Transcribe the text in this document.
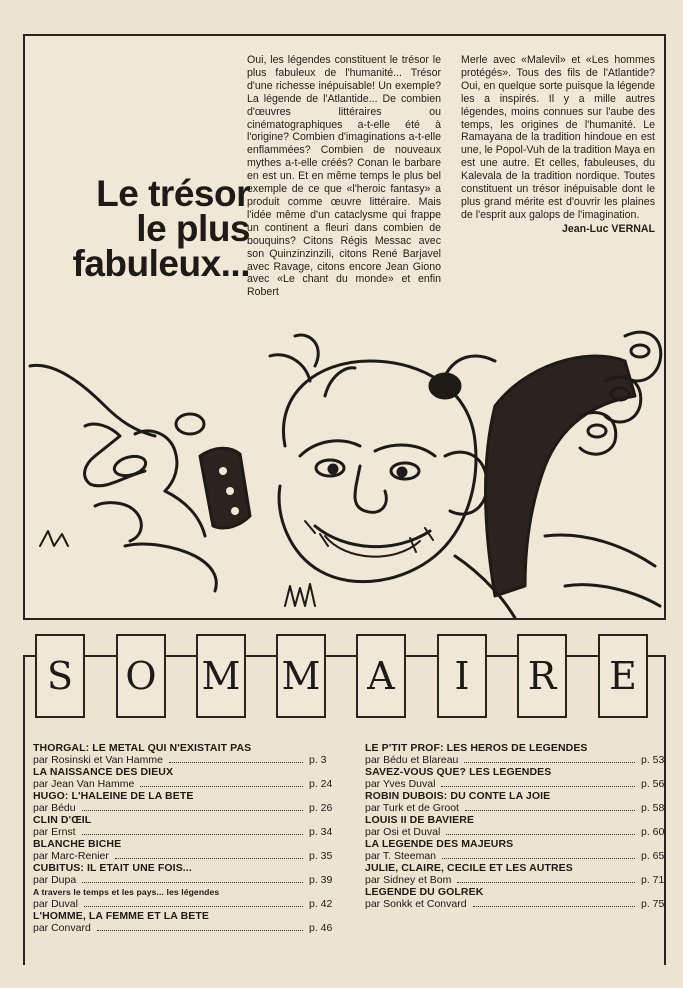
Le trésor
le plus
fabuleux...
Oui, les légendes constituent le trésor le plus fabuleux de l'humanité... Trésor d'une richesse inépuisable! Un exemple? La légende de l'Atlantide... De combien d'œuvres littéraires ou cinématographiques a-t-elle été à l'origine? Combien d'imaginations a-t-elle enflammées? Combien de nouveaux mythes a-t-elle créés? Conan le barbare en est un. Et en même temps le plus bel exemple de ce que «l'heroic fantasy» a produit comme œuvre littéraire. Mais l'idée même d'un cataclysme qui frappe un continent a fleuri dans combien de bouquins? Citons Régis Messac avec son Quinzinzinzili, citons René Barjavel avec Ravage, citons encore Jean Giono avec «Le chant du monde» et enfin Robert
Merle avec «Malevil» et «Les hommes protégés». Tous des fils de l'Atlantide? Oui, en quelque sorte puisque la légende les a inspirés. Il y a mille autres légendes, moins connues sur l'aube des temps, les origines de l'humanité. Le Ramayana de la tradition hindoue en est une, le Popol-Vuh de la tradition Maya en est une autre. Et celles, fabuleuses, du Kalevala de la tradition nordique. Toutes constituent un trésor inépuisable dont le plus grand mérite est d'ouvrir les plaines de l'esprit aux galops de l'imagination.
Jean-Luc VERNAL
S	O M M A	I	R E
THORGAL: LE METAL QUI N'EXISTAIT PAS
par Rosinski et Van Hamme	p. 3
LA NAISSANCE DES DIEUX
par Jean Van Hamme	p. 24
HUGO: L'HALEINE DE LA BETE
par Bédu	p. 26
CLIN D'ŒIL
par Ernst	p. 34
BLANCHE BICHE
par Marc-Renier	p. 35
CUBITUS: IL ETAIT UNE FOIS...
par Dupa	p. 39
A travers le temps et les pays... les légendes
par Duval	p. 42
L'HOMME, LA FEMME ET LA BETE
par Convard	p. 46
LE P'TIT PROF: LES HEROS DE LEGENDES
par Bédu et Blareau	p. 53
SAVEZ-VOUS QUE? LES LEGENDES
par Yves Duval	p. 56
ROBIN DUBOIS: DU CONTE LA JOIE
par Turk et de Groot	p. 58
LOUIS II DE BAVIERE
par Osi et Duval	p. 60
LA LEGENDE DES MAJEURS
par T. Steeman	p. 65
JULIE, CLAIRE, CECILE ET LES AUTRES
par Sidney et Bom	p. 71
LEGENDE DU GOLREK
par Sonkk et Convard	p. 75
